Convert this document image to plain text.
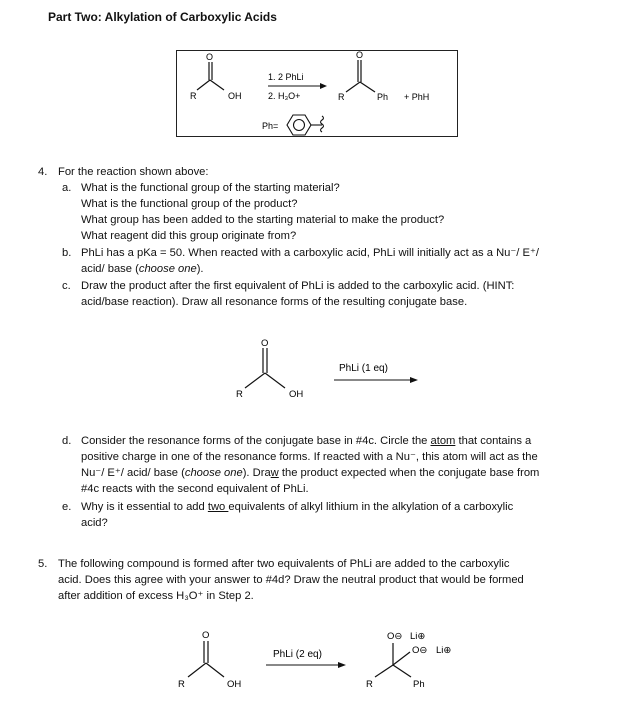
Part Two: Alkylation of Carboxylic Acids
O
R	OH
1. 2 PhLi
2. H₃O+
O
R	Ph + PhH
Ph=
4. For the reaction shown above:
a. What is the functional group of the starting material?
What is the functional group of the product?
What group has been added to the starting material to make the product?
What reagent did this group originate from?
b. PhLi has a pKa = 50. When reacted with a carboxylic acid, PhLi will initially act as a Nu⁻/ E⁺/
acid/ base (choose one).
c. Draw the product after the first equivalent of PhLi is added to the carboxylic acid. (HINT:
acid/base reaction). Draw all resonance forms of the resulting conjugate base.
O
R	OH
PhLi (1 eq)
d. Consider the resonance forms of the conjugate base in #4c. Circle the atom that contains a
positive charge in one of the resonance forms. If reacted with a Nu⁻, this atom will act as the
Nu⁻/ E⁺/ acid/ base (choose one). Draw the product expected when the conjugate base from
#4c reacts with the second equivalent of PhLi.
e. Why is it essential to add two equivalents of alkyl lithium in the alkylation of a carboxylic
acid?
5. The following compound is formed after two equivalents of PhLi are added to the carboxylic
acid. Does this agree with your answer to #4d? Draw the neutral product that would be formed
after addition of excess H₃O⁺ in Step 2.
O
R	OH
PhLi (2 eq)
O⊖ Li⊕
O⊖ Li⊕
R	Ph
